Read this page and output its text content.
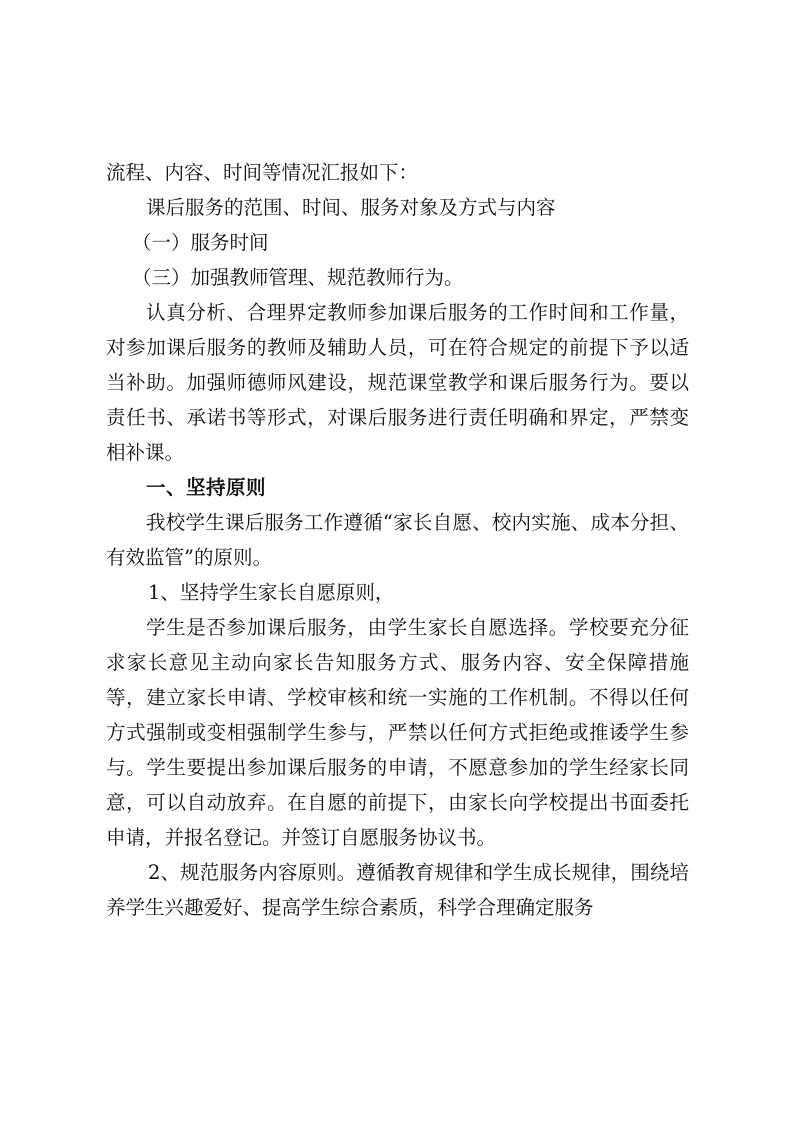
流程、内容、时间等情况汇报如下：

课后服务的范围、时间、服务对象及方式与内容

（一）服务时间

（三）加强教师管理、规范教师行为。

认真分析、合理界定教师参加课后服务的工作时间和工作量，对参加课后服务的教师及辅助人员，可在符合规定的前提下予以适当补助。加强师德师风建设，规范课堂教学和课后服务行为。要以责任书、承诺书等形式，对课后服务进行责任明确和界定，严禁变相补课。

一、坚持原则

我校学生课后服务工作遵循“家长自愿、校内实施、成本分担、有效监管”的原则。

1、坚持学生家长自愿原则，

学生是否参加课后服务，由学生家长自愿选择。学校要充分征求家长意见主动向家长告知服务方式、服务内容、安全保障措施等，建立家长申请、学校审核和统一实施的工作机制。不得以任何方式强制或变相强制学生参与，严禁以任何方式拒绝或推诿学生参与。学生要提出参加课后服务的申请，不愿意参加的学生经家长同意，可以自动放弃。在自愿的前提下，由家长向学校提出书面委托申请，并报名登记。并签订自愿服务协议书。

2、规范服务内容原则。遵循教育规律和学生成长规律，围绕培养学生兴趣爱好、提高学生综合素质，科学合理确定服务
